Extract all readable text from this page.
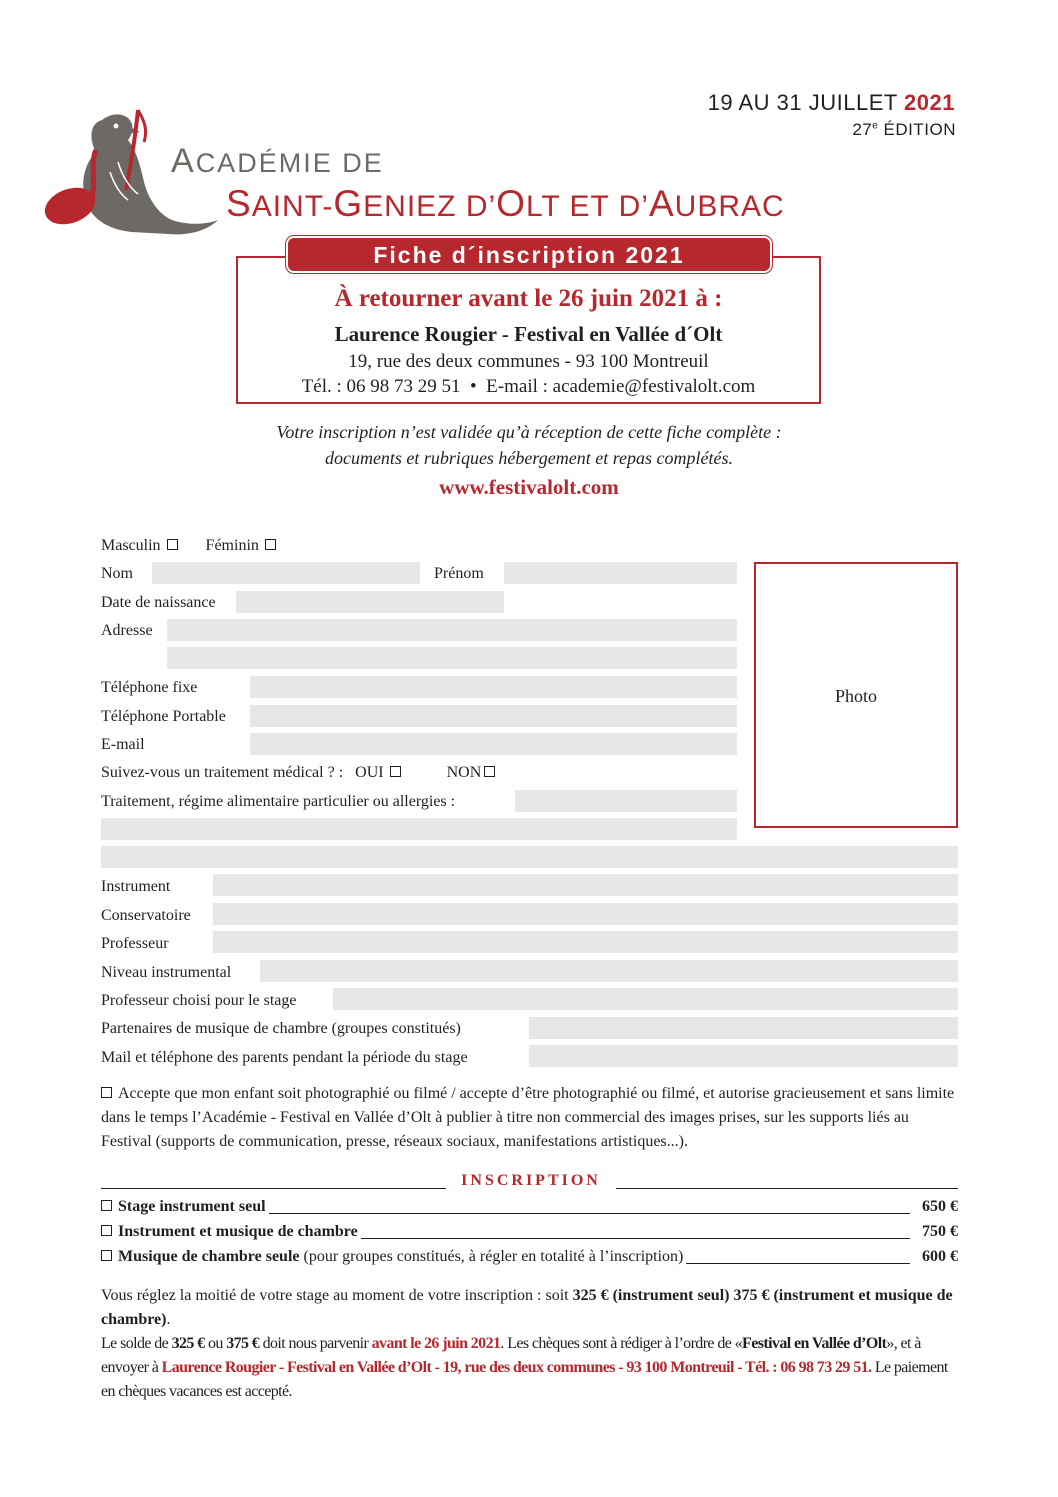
19 AU 31 JUILLET 2021
27e ÉDITION
ACADÉMIE DE
SAINT-GENIEZ D’OLT ET D’AUBRAC
Fiche d´inscription 2021
À retourner avant le 26 juin 2021 à :
Laurence Rougier - Festival en Vallée d´Olt
19, rue des deux communes - 93 100 Montreuil
Tél. : 06 98 73 29 51 • E-mail : academie@festivalolt.com
Votre inscription n’est validée qu’à réception de cette fiche complète :
documents et rubriques hébergement et repas complétés.
www.festivalolt.com
Masculin	Féminin
Nom	Prénom
Date de naissance
Adresse
Téléphone fixe
Téléphone Portable
E-mail
Suivez-vous un traitement médical ? : OUI	NON
Traitement, régime alimentaire particulier ou allergies :
Photo
Instrument
Conservatoire
Professeur
Niveau instrumental
Professeur choisi pour le stage
Partenaires de musique de chambre (groupes constitués)
Mail et téléphone des parents pendant la période du stage
Accepte que mon enfant soit photographié ou filmé / accepte d’être photographié ou filmé, et autorise gracieusement et sans limite dans le temps l’Académie - Festival en Vallée d’Olt à publier à titre non commercial des images prises, sur les supports liés au Festival (supports de communication, presse, réseaux sociaux, manifestations artistiques...).
INSCRIPTION
Stage instrument seul	650 €
Instrument et musique de chambre	750 €
Musique de chambre seule (pour groupes constitués, à régler en totalité à l’inscription)	600 €
Vous réglez la moitié de votre stage au moment de votre inscription : soit 325 € (instrument seul) 375 € (instrument et musique de chambre).
Le solde de 325 € ou 375 € doit nous parvenir avant le 26 juin 2021. Les chèques sont à rédiger à l’ordre de «Festival en Vallée d’Olt», et à envoyer à Laurence Rougier - Festival en Vallée d’Olt - 19, rue des deux communes - 93 100 Montreuil - Tél. : 06 98 73 29 51. Le paiement en chèques vacances est accepté.
